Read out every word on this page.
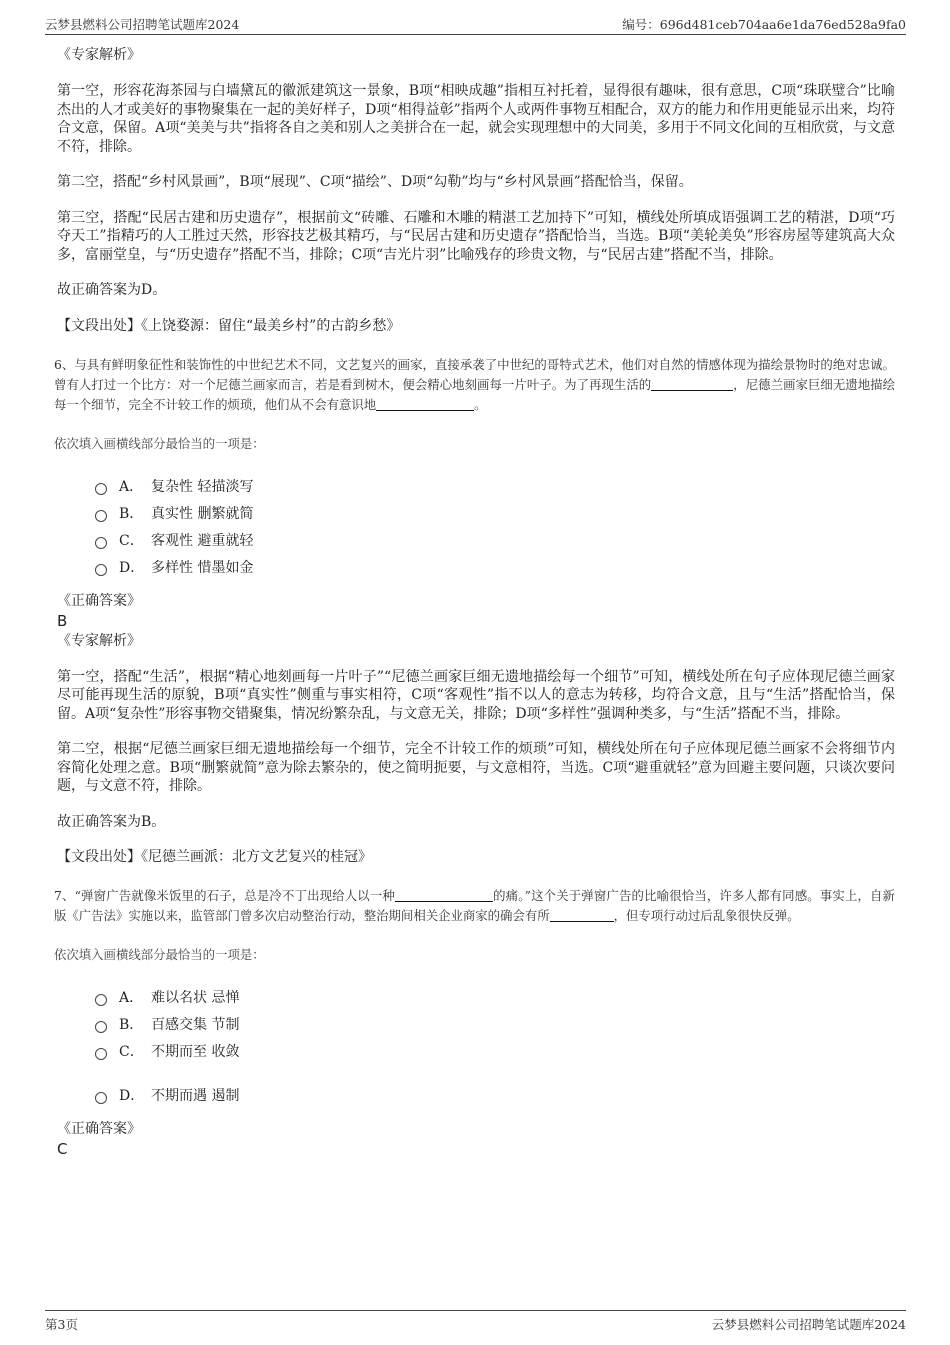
云梦县燃料公司招聘笔试题库2024	编号：696d481ceb704aa6e1da76ed528a9fa0
《专家解析》

第一空，形容花海茶园与白墙黛瓦的徽派建筑这一景象，B项“相映成趣”指相互衬托着，显得很有趣味，很有意思，C项“珠联璧合”比喻杰出的人才或美好的事物聚集在一起的美好样子，D项“相得益彰”指两个人或两件事物互相配合，双方的能力和作用更能显示出来，均符合文意，保留。A项“美美与共”指将各自之美和别人之美拼合在一起，就会实现理想中的大同美，多用于不同文化间的互相欣赏，与文意不符，排除。

第二空，搭配“乡村风景画”，B项“展现”、C项“描绘”、D项“勾勒”均与“乡村风景画”搭配恰当，保留。

第三空，搭配“民居古建和历史遗存”，根据前文“砖雕、石雕和木雕的精湛工艺加持下”可知，横线处所填成语强调工艺的精湛，D项“巧夺天工”指精巧的人工胜过天然，形容技艺极其精巧，与“民居古建和历史遗存”搭配恰当，当选。B项“美轮美奂”形容房屋等建筑高大众多，富丽堂皇，与“历史遗存”搭配不当，排除；C项“吉光片羽”比喻残存的珍贵文物，与“民居古建”搭配不当，排除。

故正确答案为D。

【文段出处】《上饶婺源：留住“最美乡村”的古韵乡愁》

6、与具有鲜明象征性和装饰性的中世纪艺术不同，文艺复兴的画家，直接承袭了中世纪的哥特式艺术，他们对自然的情感体现为描绘景物时的绝对忠诚。曾有人打过一个比方：对一个尼德兰画家而言，若是看到树木，便会精心地刻画每一片叶子。为了再现生活的	，尼德兰画家巨细无遗地描绘每一个细节，完全不计较工作的烦琐，他们从不会有意识地	。

依次填入画横线部分最恰当的一项是：

A． 复杂性 轻描淡写
B． 真实性 删繁就简
C． 客观性 避重就轻
D． 多样性 惜墨如金
《正确答案》
B
《专家解析》

第一空，搭配“生活”，根据“精心地刻画每一片叶子”“尼德兰画家巨细无遗地描绘每一个细节”可知，横线处所在句子应体现尼德兰画家尽可能再现生活的原貌，B项“真实性”侧重与事实相符，C项“客观性”指不以人的意志为转移，均符合文意，且与“生活”搭配恰当，保留。A项“复杂性”形容事物交错聚集，情况纷繁杂乱，与文意无关，排除；D项“多样性”强调种类多，与“生活”搭配不当，排除。

第二空，根据“尼德兰画家巨细无遗地描绘每一个细节，完全不计较工作的烦琐”可知，横线处所在句子应体现尼德兰画家不会将细节内容简化处理之意。B项“删繁就简”意为除去繁杂的，使之简明扼要，与文意相符，当选。C项“避重就轻”意为回避主要问题，只谈次要问题，与文意不符，排除。

故正确答案为B。

【文段出处】《尼德兰画派：北方文艺复兴的桂冠》

7、“弹窗广告就像米饭里的石子，总是冷不丁出现给人以一种	的痛。”这个关于弹窗广告的比喻很恰当，许多人都有同感。事实上，自新版《广告法》实施以来，监管部门曾多次启动整治行动，整治期间相关企业商家的确会有所	，但专项行动过后乱象很快反弹。

依次填入画横线部分最恰当的一项是：

A． 难以名状 忌惮
B． 百感交集 节制
C． 不期而至 收敛
D． 不期而遇 遏制
《正确答案》
C
第3页	云梦县燃料公司招聘笔试题库2024
